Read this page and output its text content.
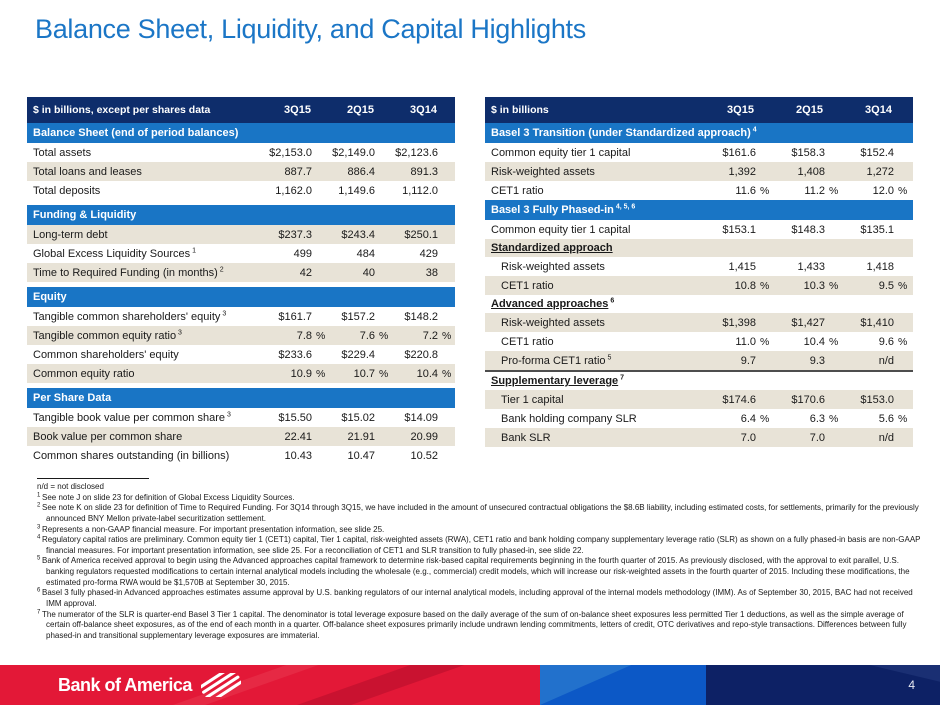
Balance Sheet, Liquidity, and Capital Highlights
$ in billions, except per shares data	3Q15	2Q15	3Q14
Balance Sheet (end of period balances)
Total assets	$2,153.0 $2,149.0 $2,123.6
Total loans and leases	887.7	886.4	891.3
Total deposits	1,162.0	1,149.6	1,112.0
Funding & Liquidity
Long-term debt	$237.3	$243.4	$250.1
Global Excess Liquidity Sources $^1$	499	484	429
Time to Required Funding (in months) $^2$	42	40	38
Equity
Tangible common shareholders' equity $^3$	$161.7	$157.2	$148.2
Tangible common equity ratio $^3$	7.8 %	7.6 %	7.2 %
Common shareholders' equity	$233.6	$229.4	$220.8
Common equity ratio	10.9 %	10.7 %	10.4 %
Per Share Data
Tangible book value per common share $^3$	$15.50	$15.02	$14.09
Book value per common share	22.41	21.91	20.99
Common shares outstanding (in billions)	10.43	10.47	10.52
$ in billions	3Q15	2Q15	3Q14
Basel 3 Transition (under Standardized approach) $^4$
Common equity tier 1 capital	$161.6	$158.3	$152.4
Risk-weighted assets	1,392	1,408	1,272
CET1 ratio	11.6 %	11.2 %	12.0 %
Basel 3 Fully Phased-in $^{4, 5, 6}$
Common equity tier 1 capital	$153.1	$148.3	$135.1
Standardized approach
Risk-weighted assets	1,415	1,433	1,418
CET1 ratio	10.8 %	10.3 %	9.5 %
Advanced approaches $^6$
Risk-weighted assets	$1,398	$1,427	$1,410
CET1 ratio	11.0 %	10.4 %	9.6 %
Pro-forma CET1 ratio $^5$	9.7	9.3	n/d
Supplementary leverage $^7$
Tier 1 capital	$174.6	$170.6	$153.0
Bank holding company SLR	6.4 %	6.3 %	5.6 %
Bank SLR	7.0	7.0	n/d
n/d = not disclosed
$^1$ See note J on slide 23 for definition of Global Excess Liquidity Sources.
$^2$ See note K on slide 23 for definition of Time to Required Funding. For 3Q14 through 3Q15, we have included in the amount of unsecured contractual obligations the $8.6B liability, including estimated costs, for settlements, primarily for the previously announced BNY Mellon private-label securitization settlement.
$^3$ Represents a non-GAAP financial measure. For important presentation information, see slide 25.
$^4$ Regulatory capital ratios are preliminary. Common equity tier 1 (CET1) capital, Tier 1 capital, risk-weighted assets (RWA), CET1 ratio and bank holding company supplementary leverage ratio (SLR) as shown on a fully phased-in basis are non-GAAP financial measures. For important presentation information, see slide 25. For a reconciliation of CET1 and SLR transition to fully phased-in, see slide 22.
$^5$ Bank of America received approval to begin using the Advanced approaches capital framework to determine risk-based capital requirements beginning in the fourth quarter of 2015. As previously disclosed, with the approval to exit parallel, U.S. banking regulators requested modifications to certain internal analytical models including the wholesale (e.g., commercial) credit models, which will increase our risk-weighted assets in the fourth quarter of 2015. Including these modifications, the estimated pro-forma RWA would be $1,570B at September 30, 2015.
$^6$ Basel 3 fully phased-in Advanced approaches estimates assume approval by U.S. banking regulators of our internal analytical models, including approval of the internal models methodology (IMM). As of September 30, 2015, BAC had not received IMM approval.
$^7$ The numerator of the SLR is quarter-end Basel 3 Tier 1 capital. The denominator is total leverage exposure based on the daily average of the sum of on-balance sheet exposures less permitted Tier 1 deductions, as well as the simple average of certain off-balance sheet exposures, as of the end of each month in a quarter. Off-balance sheet exposures primarily include undrawn lending commitments, letters of credit, OTC derivatives and repo-style transactions. Differences between fully phased-in and transitional supplementary leverage exposures are immaterial.
Bank of America	4
